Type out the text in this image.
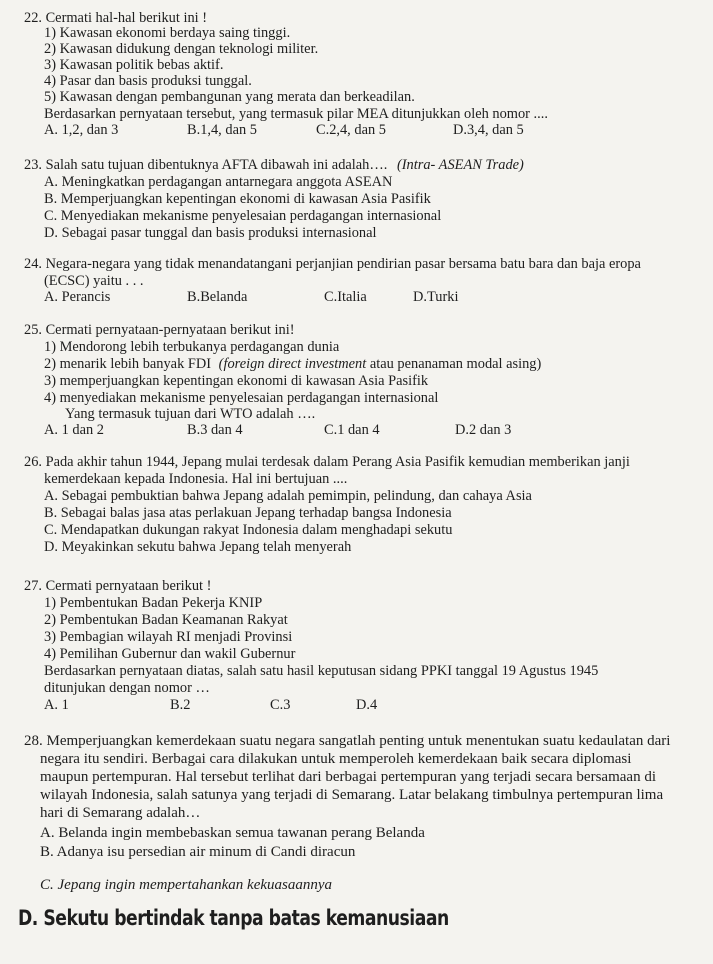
22. Cermati hal-hal berikut ini !
1) Kawasan ekonomi berdaya saing tinggi.
2) Kawasan didukung dengan teknologi militer.
3) Kawasan politik bebas aktif.
4) Pasar dan basis produksi tunggal.
5) Kawasan dengan pembangunan yang merata dan berkeadilan.
Berdasarkan pernyataan tersebut, yang termasuk pilar MEA ditunjukkan oleh nomor ....
A. 1,2, dan 3	B.1,4, dan 5	C.2,4, dan 5	D.3,4, dan 5
23. Salah satu tujuan dibentuknya AFTA dibawah ini adalah…. (Intra- ASEAN Trade)
A. Meningkatkan perdagangan antarnegara anggota ASEAN
B. Memperjuangkan kepentingan ekonomi di kawasan Asia Pasifik
C. Menyediakan mekanisme penyelesaian perdagangan internasional
D. Sebagai pasar tunggal dan basis produksi internasional
24. Negara-negara yang tidak menandatangani perjanjian pendirian pasar bersama batu bara dan baja eropa
(ECSC) yaitu . . .
A. Perancis	B.Belanda	C.Italia	D.Turki
25. Cermati pernyataan-pernyataan berikut ini!
1) Mendorong lebih terbukanya perdagangan dunia
2) menarik lebih banyak FDI (foreign direct investment atau penanaman modal asing)
3) memperjuangkan kepentingan ekonomi di kawasan Asia Pasifik
4) menyediakan mekanisme penyelesaian perdagangan internasional
Yang termasuk tujuan dari WTO adalah ….
A. 1 dan 2	B.3 dan 4	C.1 dan 4	D.2 dan 3
26. Pada akhir tahun 1944, Jepang mulai terdesak dalam Perang Asia Pasifik kemudian memberikan janji
kemerdekaan kepada Indonesia. Hal ini bertujuan ....
A. Sebagai pembuktian bahwa Jepang adalah pemimpin, pelindung, dan cahaya Asia
B. Sebagai balas jasa atas perlakuan Jepang terhadap bangsa Indonesia
C. Mendapatkan dukungan rakyat Indonesia dalam menghadapi sekutu
D. Meyakinkan sekutu bahwa Jepang telah menyerah
27. Cermati pernyataan berikut !
1) Pembentukan Badan Pekerja KNIP
2) Pembentukan Badan Keamanan Rakyat
3) Pembagian wilayah RI menjadi Provinsi
4) Pemilihan Gubernur dan wakil Gubernur
Berdasarkan pernyataan diatas, salah satu hasil keputusan sidang PPKI tanggal 19 Agustus 1945
ditunjukan dengan nomor …
A. 1	B.2	C.3	D.4
28. Memperjuangkan kemerdekaan suatu negara sangatlah penting untuk menentukan suatu kedaulatan dari
negara itu sendiri. Berbagai cara dilakukan untuk memperoleh kemerdekaan baik secara diplomasi
maupun pertempuran. Hal tersebut terlihat dari berbagai pertempuran yang terjadi secara bersamaan di
wilayah Indonesia, salah satunya yang terjadi di Semarang. Latar belakang timbulnya pertempuran lima
hari di Semarang adalah…
A. Belanda ingin membebaskan semua tawanan perang Belanda
B. Adanya isu persedian air minum di Candi diracun
C. Jepang ingin mempertahankan kekuasaannya
D. Sekutu bertindak tanpa batas kemanusiaan
